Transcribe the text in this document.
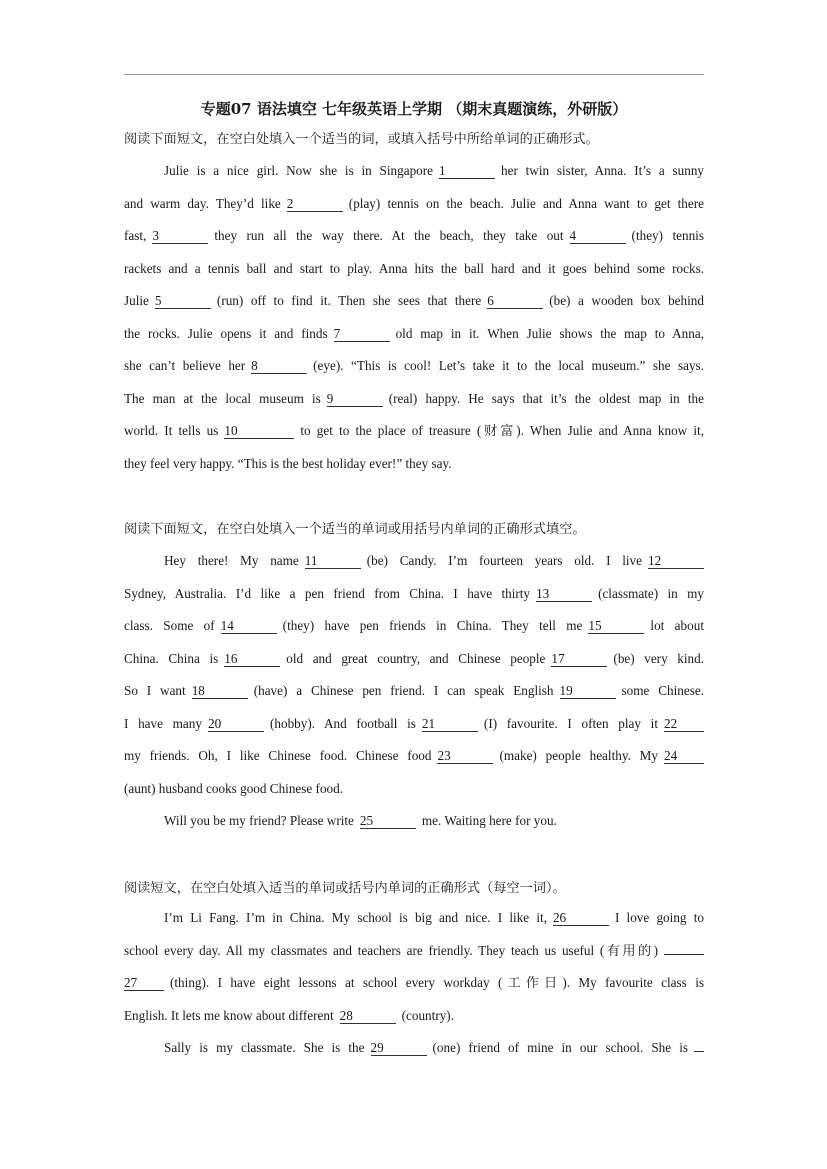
专题07 语法填空 七年级英语上学期 （期末真题演练，外研版）
阅读下面短文，在空白处填入一个适当的词，或填入括号中所给单词的正确形式。
Julie is a nice girl. Now she is in Singapore 1	her twin sister, Anna. It’s a sunny
and warm day. They’d like 2	(play) tennis on the beach. Julie and Anna want to get there
fast, 3	they run all the way there. At the beach, they take out 4	(they) tennis
rackets and a tennis ball and start to play. Anna hits the ball hard and it goes behind some rocks.
Julie 5	(run) off to find it. Then she sees that there 6	(be) a wooden box behind
the rocks. Julie opens it and finds 7	old map in it. When Julie shows the map to Anna,
she can’t believe her 8	(eye). “This is cool! Let’s take it to the local museum.” she says.
The man at the local museum is 9	(real) happy. He says that it’s the oldest map in the
world. It tells us 10	to get to the place of treasure (财富). When Julie and Anna know it,
they feel very happy. “This is the best holiday ever!” they say.
阅读下面短文，在空白处填入一个适当的单词或用括号内单词的正确形式填空。
Hey there! My name 11	(be) Candy. I’m fourteen years old. I live 12
Sydney, Australia. I’d like a pen friend from China. I have thirty 13	(classmate) in my
class. Some of 14	(they) have pen friends in China. They tell me 15	lot about
China. China is 16	old and great country, and Chinese people 17	(be) very kind.
So I want 18	(have) a Chinese pen friend. I can speak English 19	some Chinese.
I have many 20	(hobby). And football is 21	(I) favourite. I often play it 22
my friends. Oh, I like Chinese food. Chinese food 23	(make) people healthy. My 24
(aunt) husband cooks good Chinese food.
Will you be my friend? Please write 25	me. Waiting here for you.
阅读短文，在空白处填入适当的单词或括号内单词的正确形式（每空一词）。
I’m Li Fang. I’m in China. My school is big and nice. I like it, 26	I love going to
school every day. All my classmates and teachers are friendly. They teach us useful (有用的)
27 (thing). I have eight lessons at school every workday (工作日). My favourite class is
English. It lets me know about different 28	(country).
Sally is my classmate. She is the 29	(one) friend of mine in our school. She is
